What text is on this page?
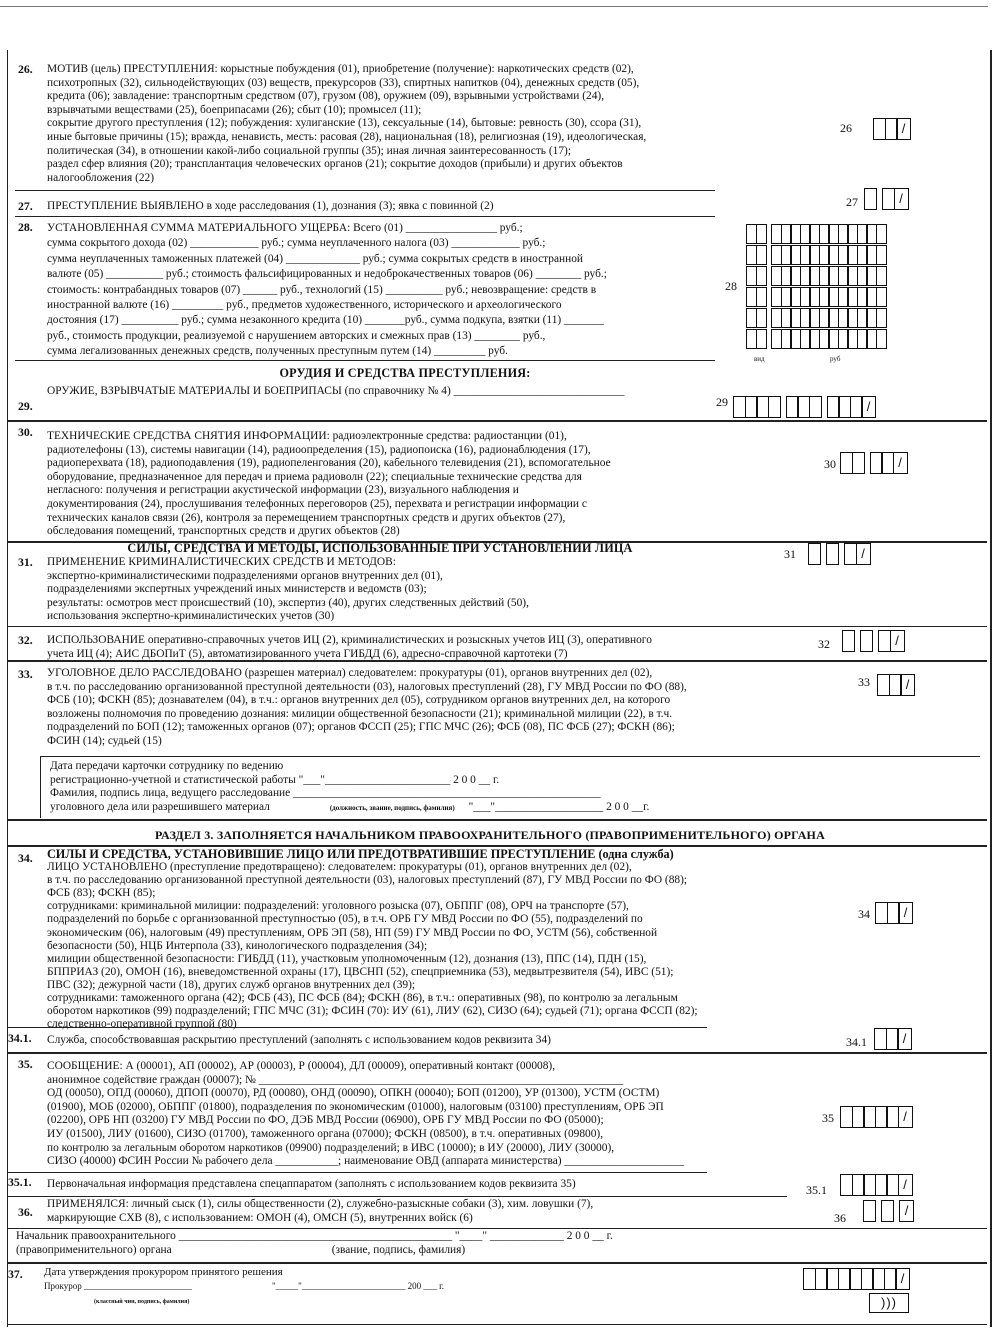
26. МОТИВ (цель) ПРЕСТУПЛЕНИЯ: корыстные побуждения (01), приобретение (получение): наркотических средств (02),
психотропных (32), сильнодействующих (03) веществ, прекурсоров (33), спиртных напитков (04), денежных средств (05),
кредита (06); завладение: транспортным средством (07), грузом (08), оружием (09), взрывными устройствами (24),
взрывчатыми веществами (25), боеприпасами (26); сбыт (10); промысел (11);
сокрытие другого преступления (12); побуждения: хулиганские (13), сексуальные (14), бытовые: ревность (30), ссора (31),
иные бытовые причины (15); вражда, ненависть, месть: расовая (28), национальная (18), религиозная (19), идеологическая,
политическая (34), в отношении какой-либо социальной группы (35); иная личная заинтересованность (17);
раздел сфер влияния (20); трансплантация человеческих органов (21); сокрытие доходов (прибыли) и других объектов
налогообложения (22)
26	/
27. ПРЕСТУПЛЕНИЕ ВЫЯВЛЕНО в ходе расследования (1), дознания (3); явка с повинной (2)	27	/
28. УСТАНОВЛЕННАЯ СУММА МАТЕРИАЛЬНОГО УЩЕРБА: Всего (01) ________________ руб.;
сумма сокрытого дохода (02) ____________ руб.; сумма неуплаченного налога (03) ____________ руб.;
сумма неуплаченных таможенных платежей (04) _____________ руб.; сумма сокрытых средств в иностранной
валюте (05) __________ руб.; стоимость фальсифицированных и недоброкачественных товаров (06) ________ руб.;
стоимость: контрабандных товаров (07) ______ руб., технологий (15) __________ руб.; невозвращение: средств в
иностранной валюте (16) _________ руб., предметов художественного, исторического и археологического
достояния (17) __________ руб.; сумма незаконного кредита (10) _______руб., сумма подкупа, взятки (11) _______
руб., стоимость продукции, реализуемой с нарушением авторских и смежных прав (13) ________ руб.,
сумма легализованных денежных средств, полученных преступным путем (14) _________ руб.
28
вид	руб
ОРУДИЯ И СРЕДСТВА ПРЕСТУПЛЕНИЯ:
ОРУЖИЕ, ВЗРЫВЧАТЫЕ МАТЕРИАЛЫ И БОЕПРИПАСЫ (по справочнику № 4) ______________________________
29.	29	/
30. ТЕХНИЧЕСКИЕ СРЕДСТВА СНЯТИЯ ИНФОРМАЦИИ: радиоэлектронные средства: радиостанции (01),
радиотелефоны (13), системы навигации (14), радиоопределения (15), радиопоиска (16), радионаблюдения (17),
радиоперехвата (18), радиоподавления (19), радиопеленгования (20), кабельного телевидения (21), вспомогательное
оборудование, предназначенное для передач и приема радиоволн (22); специальные технические средства для
негласного: получения и регистрации акустической информации (23), визуального наблюдения и
документирования (24), прослушивания телефонных переговоров (25), перехвата и регистрации информации с
технических каналов связи (26), контроля за перемещением транспортных средств и других объектов (27),
обследования помещений, транспортных средств и других объектов (28)
30	/
СИЛЫ, СРЕДСТВА И МЕТОДЫ, ИСПОЛЬЗОВАННЫЕ ПРИ УСТАНОВЛЕНИИ ЛИЦА
31. ПРИМЕНЕНИЕ КРИМИНАЛИСТИЧЕСКИХ СРЕДСТВ И МЕТОДОВ:
экспертно-криминалистическими подразделениями органов внутренних дел (01),
подразделениями экспертных учреждений иных министерств и ведомств (03);
результаты: осмотров мест происшествий (10), экспертиз (40), других следственных действий (50),
использования экспертно-криминалистических учетов (30)
31	/
32. ИСПОЛЬЗОВАНИЕ оперативно-справочных учетов ИЦ (2), криминалистических и розыскных учетов ИЦ (3), оперативного
учета ИЦ (4); АИС ДБОПиТ (5), автоматизированного учета ГИБДД (6), адресно-справочной картотеки (7)
32	/
33. УГОЛОВНОЕ ДЕЛО РАССЛЕДОВАНО (разрешен материал) следователем: прокуратуры (01), органов внутренних дел (02),
в т.ч. по расследованию организованной преступной деятельности (03), налоговых преступлений (28), ГУ МВД России по ФО (88),
ФСБ (10); ФСКН (85); дознавателем (04), в т.ч.: органов внутренних дел (05), сотрудником органов внутренних дел, на которого
возложены полномочия по проведению дознания: милиции общественной безопасности (21); криминальной милиции (22), в т.ч.
подразделений по БОП (12); таможенных органов (07); органов ФССП (25); ГПС МЧС (26); ФСБ (08), ПС ФСБ (27); ФСКН (86);
ФСИН (14); судьей (15)
33	/
Дата передачи карточки сотруднику по ведению
регистрационно-учетной и статистической работы "___"______________________ 2 0 0 __ г.
Фамилия, подпись лица, ведущего расследование ______________________________________________________
уголовного дела или разрешившего материал	(должность, звание, подпись, фамилия) "___"___________________ 2 0 0 __г.
РАЗДЕЛ 3. ЗАПОЛНЯЕТСЯ НАЧАЛЬНИКОМ ПРАВООХРАНИТЕЛЬНОГО (ПРАВОПРИМЕНИТЕЛЬНОГО) ОРГАНА
34. СИЛЫ И СРЕДСТВА, УСТАНОВИВШИЕ ЛИЦО ИЛИ ПРЕДОТВРАТИВШИЕ ПРЕСТУПЛЕНИЕ (одна служба)
ЛИЦО УСТАНОВЛЕНО (преступление предотвращено): следователем: прокуратуры (01), органов внутренних дел (02),
в т.ч. по расследованию организованной преступной деятельности (03), налоговых преступлений (87), ГУ МВД России по ФО (88);
ФСБ (83); ФСКН (85);
сотрудниками: криминальной милиции: подразделений: уголовного розыска (07), ОБППГ (08), ОРЧ на транспорте (57),
подразделений по борьбе с организованной преступностью (05), в т.ч. ОРБ ГУ МВД России по ФО (55), подразделений по
экономическим (06), налоговым (49) преступлениям, ОРБ ЭП (58), НП (59) ГУ МВД России по ФО, УСТМ (56), собственной
безопасности (50), НЦБ Интерпола (33), кинологического подразделения (34);
милиции общественной безопасности: ГИБДД (11), участковым уполномоченным (12), дознания (13), ППС (14), ПДН (15),
БППРИАЗ (20), ОМОН (16), вневедомственной охраны (17), ЦВСНП (52), спецприемника (53), медвытрезвителя (54), ИВС (51);
ПВС (32); дежурной части (18), других служб органов внутренних дел (39);
сотрудниками: таможенного органа (42); ФСБ (43), ПС ФСБ (84); ФСКН (86), в т.ч.: оперативных (98), по контролю за легальным
оборотом наркотиков (99) подразделений; ГПС МЧС (31); ФСИН (70): ИУ (61), ЛИУ (62), СИЗО (64); судьей (71); органа ФССП (82);
следственно-оперативной группой (80)
34	/
34.1. Служба, способствовавшая раскрытию преступлений (заполнять с использованием кодов реквизита 34)	34.1	/
35. СООБЩЕНИЕ: А (00001), АП (00002), АР (00003), Р (00004), ДЛ (00009), оперативный контакт (00008),
анонимное содействие граждан (00007); № ________________________________________________________________
ОД (00050), ОПД (00060), ДПОП (00070), РД (00080), ОНД (00090), ОПКН (00040); БОП (01200), УР (01300), УСТМ (ОСТМ)
(01900), МОБ (02000), ОБППГ (01800), подразделения по экономическим (01000), налоговым (03100) преступлениям, ОРБ ЭП
(02200), ОРБ НП (03200) ГУ МВД России по ФО, ДЭБ МВД России (06900), ОРБ ГУ МВД России по ФО (05000);
ИУ (01500), ЛИУ (01600), СИЗО (01700), таможенного органа (07000); ФСКН (08500), в т.ч. оперативных (09800),
по контролю за легальным оборотом наркотиков (09900) подразделений; в ИВС (10000); в ИУ (20000), ЛИУ (30000),
СИЗО (40000) ФСИН России № рабочего дела ___________; наименование ОВД (аппарата министерства) _____________________
35	/
35.1. Первоначальная информация представлена спецаппаратом (заполнять с использованием кодов реквизита 35)	35.1	/
36.
ПРИМЕНЯЛСЯ: личный сыск (1), силы общественности (2), служебно-разыскные собаки (3), хим. ловушки (7),
маркирующие СХВ (8), с использованием: ОМОН (4), ОМСН (5), внутренних войск (6)	36	/
Начальник правоохранительного ________________________________________________ "____" _____________ 2 0 0 __ г.
(правоприменительного) органа	(звание, подпись, фамилия)
37. Дата утверждения прокурором принятого решения
Прокурор ________________________	"_____"_______________________ 200 ___ г.
(классный чин, подпись, фамилия)
/
)))
